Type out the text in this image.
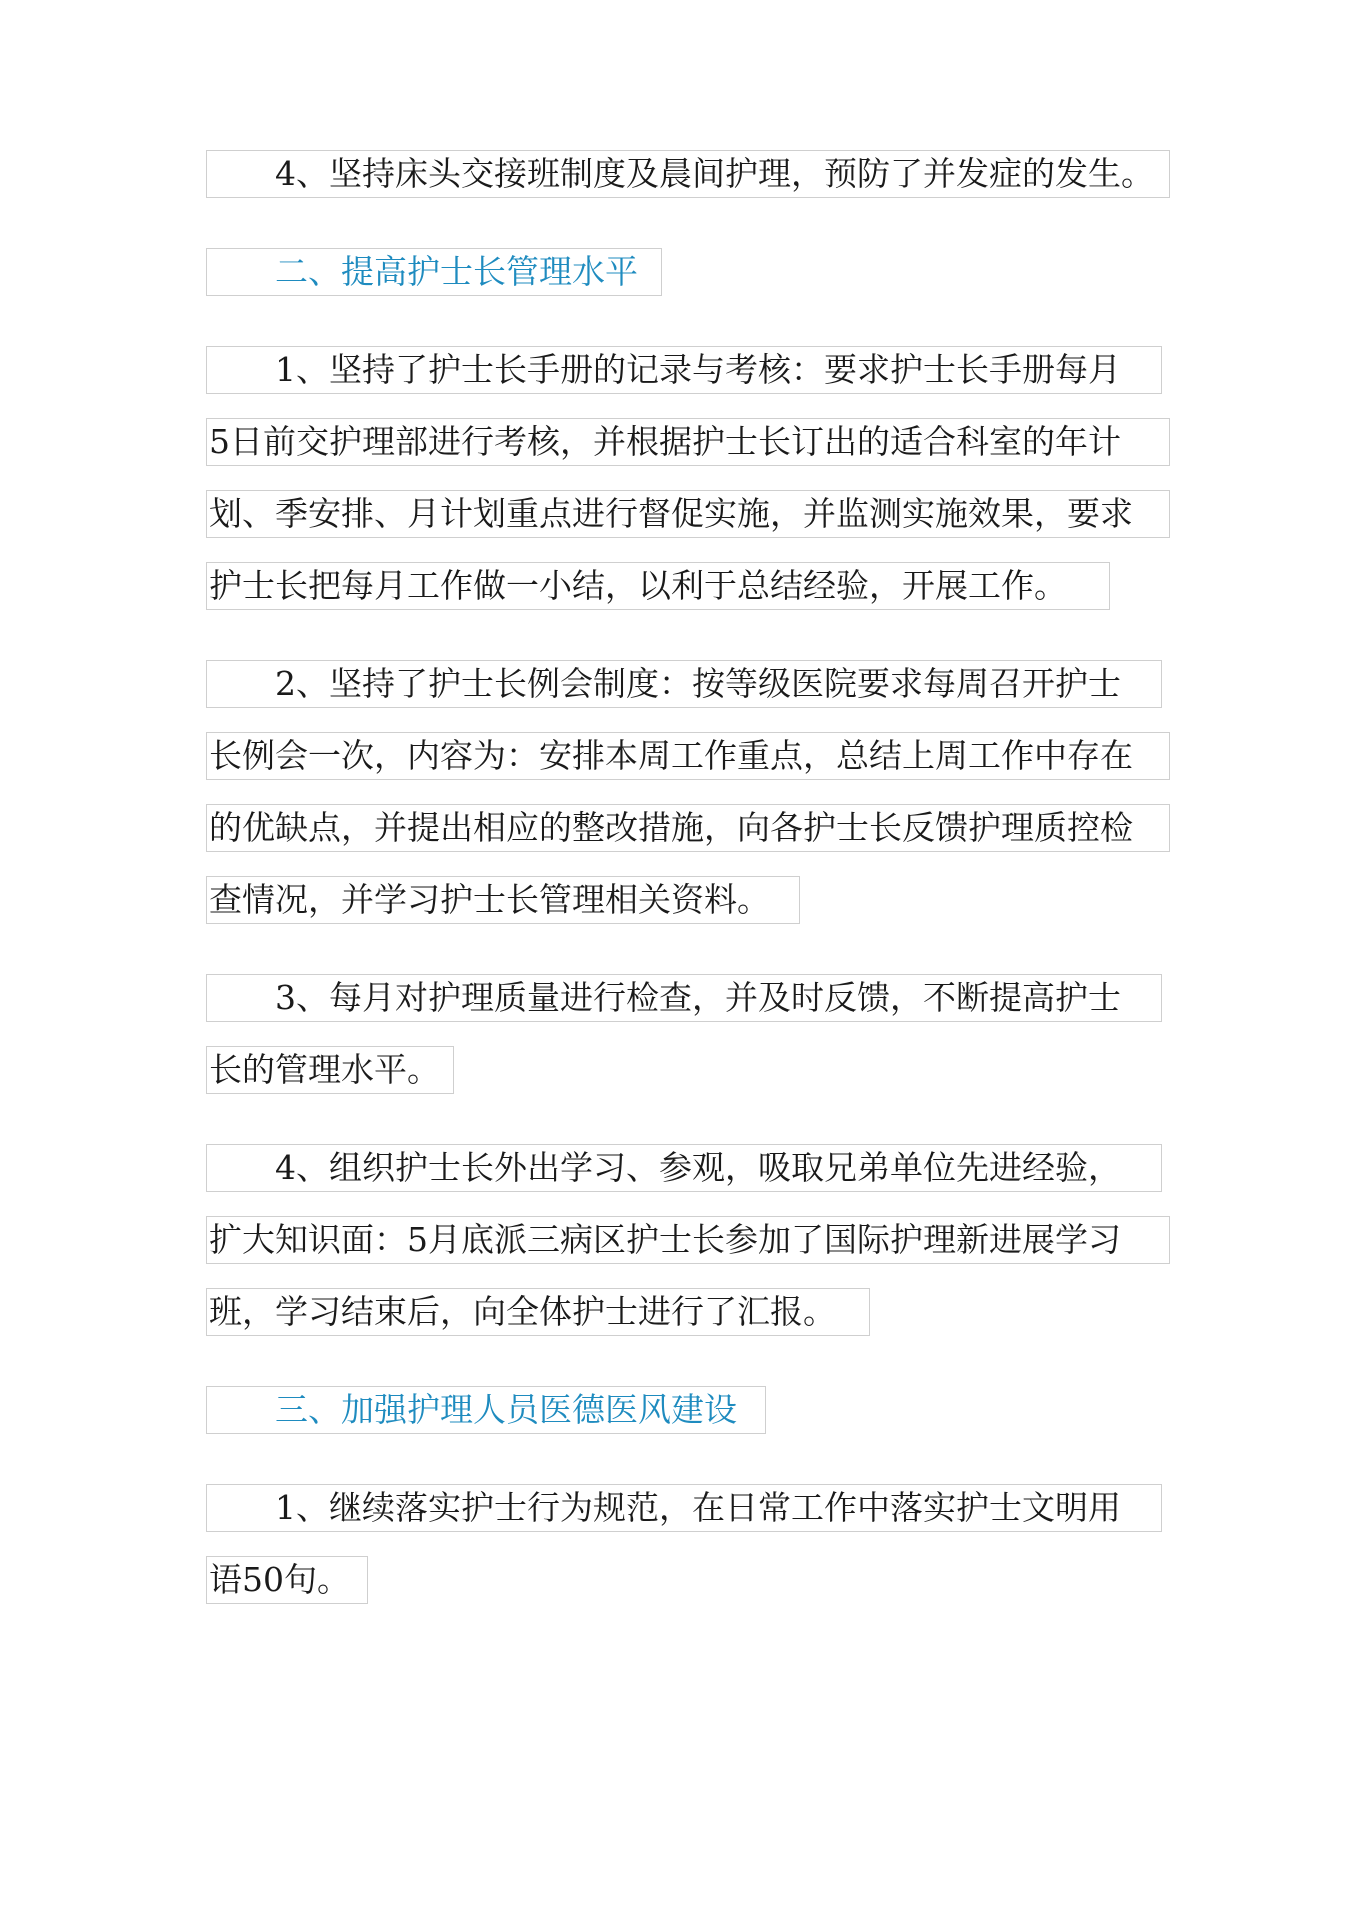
　　4、坚持床头交接班制度及晨间护理，预防了并发症的发生。
　　二、提高护士长管理水平
　　1、坚持了护士长手册的记录与考核：要求护士长手册每月
5日前交护理部进行考核，并根据护士长订出的适合科室的年计
划、季安排、月计划重点进行督促实施，并监测实施效果，要求
护士长把每月工作做一小结，以利于总结经验，开展工作。
　　2、坚持了护士长例会制度：按等级医院要求每周召开护士
长例会一次，内容为：安排本周工作重点，总结上周工作中存在
的优缺点，并提出相应的整改措施，向各护士长反馈护理质控检
查情况，并学习护士长管理相关资料。
　　3、每月对护理质量进行检查，并及时反馈，不断提高护士
长的管理水平。
　　4、组织护士长外出学习、参观，吸取兄弟单位先进经验，
扩大知识面：5月底派三病区护士长参加了国际护理新进展学习
班，学习结束后，向全体护士进行了汇报。
　　三、加强护理人员医德医风建设
　　1、继续落实护士行为规范，在日常工作中落实护士文明用
语50句。
